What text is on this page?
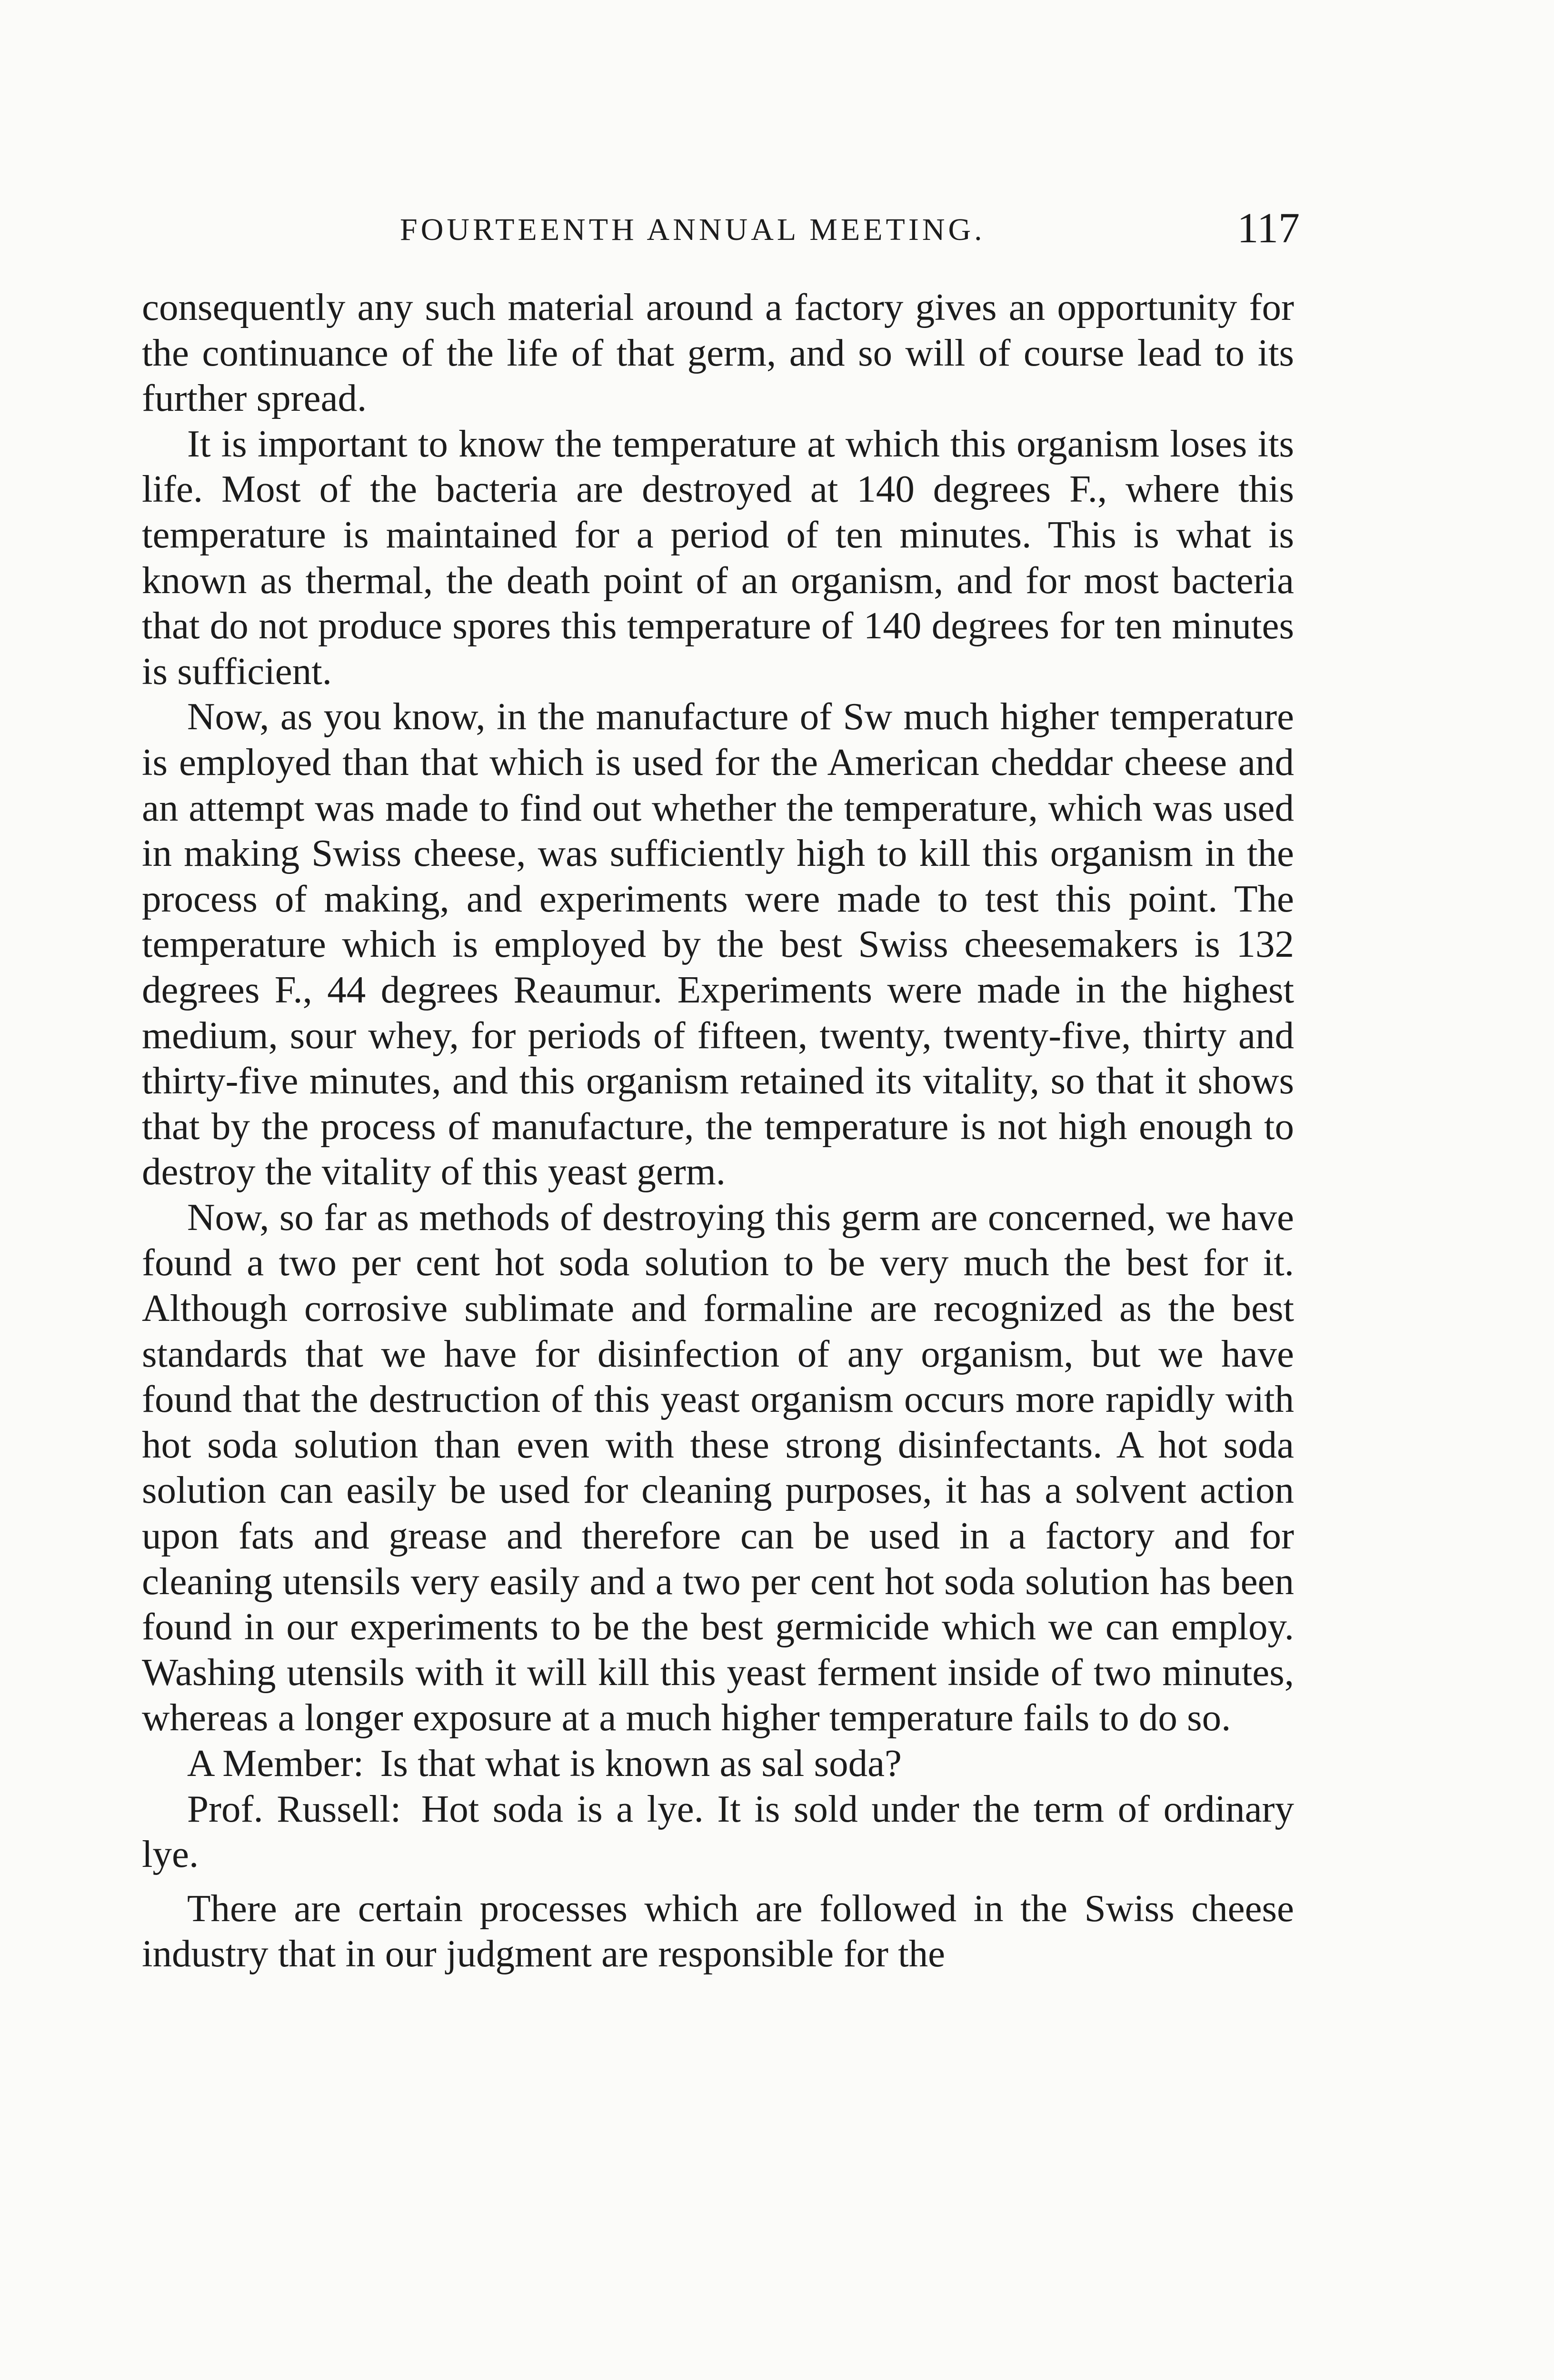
FOURTEENTH ANNUAL MEETING.	117

consequently any such material around a factory gives an opportunity for the continuance of the life of that germ, and so will of course lead to its further spread.

It is important to know the temperature at which this organism loses its life. Most of the bacteria are destroyed at 140 degrees F., where this temperature is maintained for a period of ten minutes. This is what is known as thermal, the death point of an organism, and for most bacteria that do not produce spores this temperature of 140 degrees for ten minutes is sufficient.

Now, as you know, in the manufacture of Sw much higher temperature is employed than that which is used for the American cheddar cheese and an attempt was made to find out whether the temperature, which was used in making Swiss cheese, was sufficiently high to kill this organism in the process of making, and experiments were made to test this point. The temperature which is employed by the best Swiss cheesemakers is 132 degrees F., 44 degrees Reaumur. Experiments were made in the highest medium, sour whey, for periods of fifteen, twenty, twenty-five, thirty and thirty-five minutes, and this organism retained its vitality, so that it shows that by the process of manufacture, the temperature is not high enough to destroy the vitality of this yeast germ.

Now, so far as methods of destroying this germ are concerned, we have found a two per cent hot soda solution to be very much the best for it. Although corrosive sublimate and formaline are recognized as the best standards that we have for disinfection of any organism, but we have found that the destruction of this yeast organism occurs more rapidly with hot soda solution than even with these strong disinfectants. A hot soda solution can easily be used for cleaning purposes, it has a solvent action upon fats and grease and therefore can be used in a factory and for cleaning utensils very easily and a two per cent hot soda solution has been found in our experiments to be the best germicide which we can employ. Washing utensils with it will kill this yeast ferment inside of two minutes, whereas a longer exposure at a much higher temperature fails to do so.

A Member: Is that what is known as sal soda?

Prof. Russell: Hot soda is a lye. It is sold under the term of ordinary lye.

There are certain processes which are followed in the Swiss cheese industry that in our judgment are responsible for the
